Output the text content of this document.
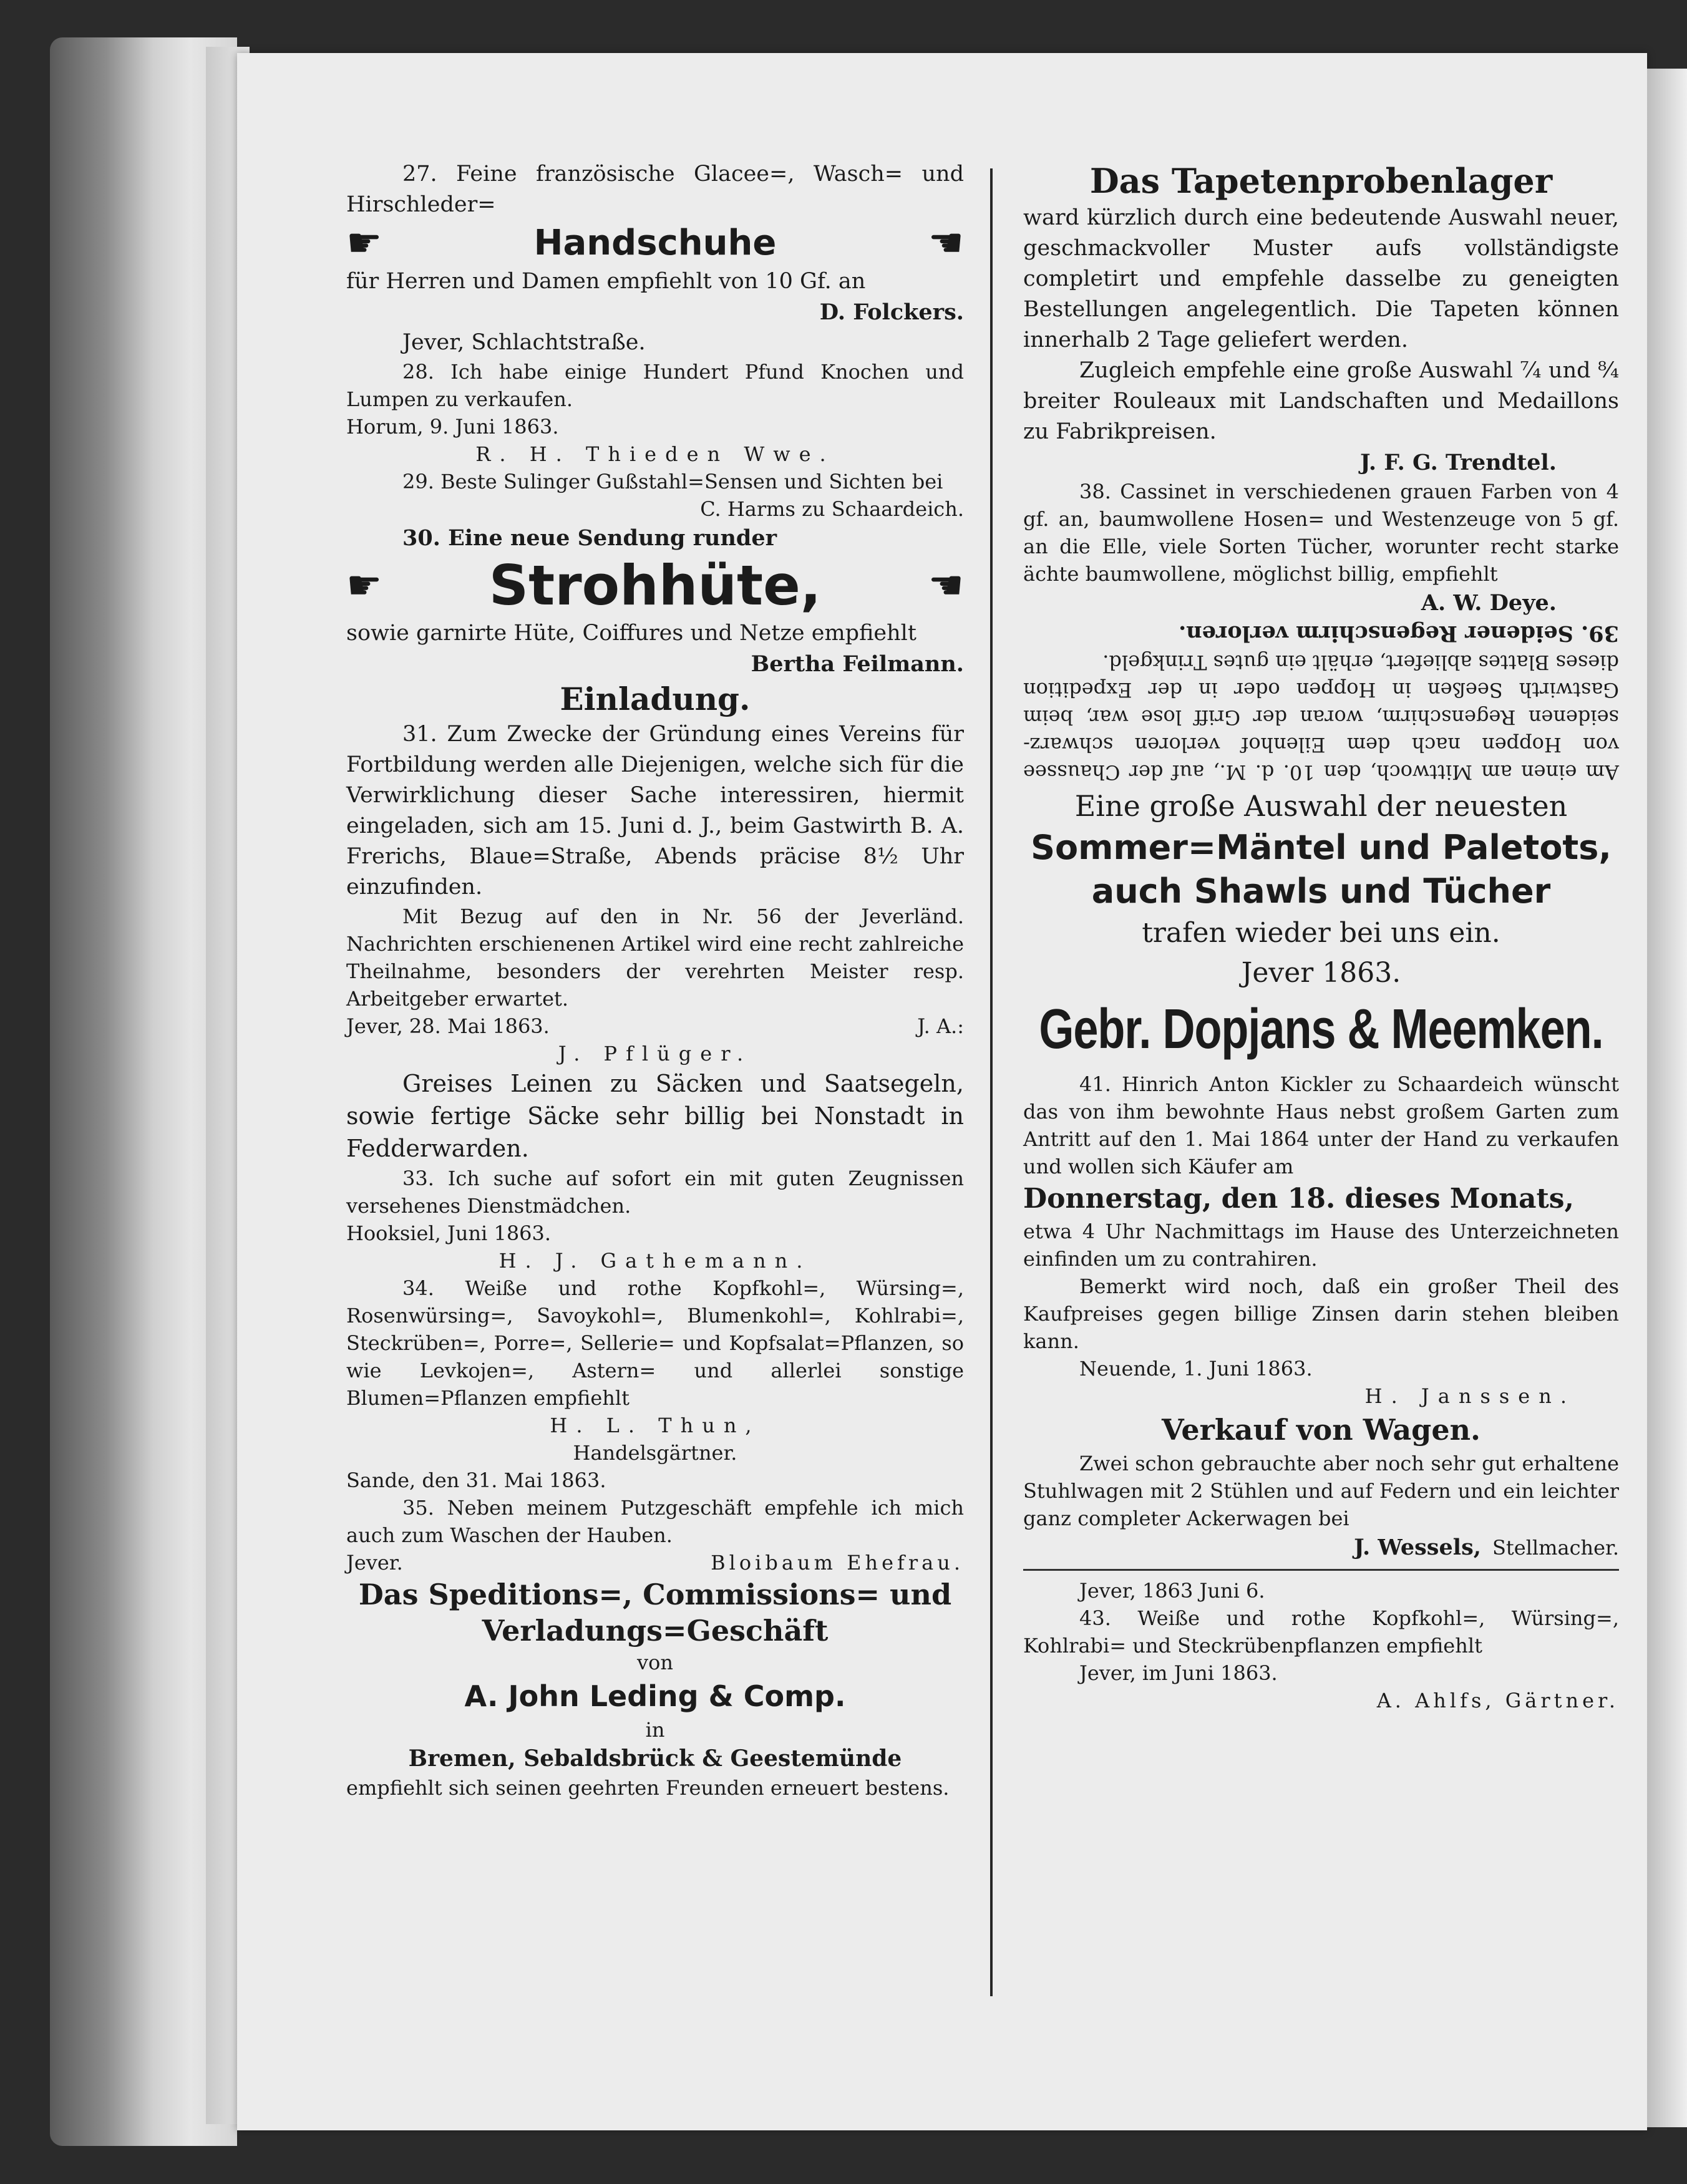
27. Feine französische Glacee=, Wasch= und Hirschleder=

☛	Handschuhe	☚

für Herren und Damen empfiehlt von 10 Gf. an

D. Folckers.

Jever, Schlachtstraße.

28. Ich habe einige Hundert Pfund Knochen und Lumpen zu verkaufen.

Horum, 9. Juni 1863.

R. H. Thieden Wwe.

29. Beste Sulinger Gußstahl=Sensen und Sichten bei

C. Harms zu Schaardeich.

30. Eine neue Sendung runder

☛ Strohhüte,	☚

sowie garnirte Hüte, Coiffures und Netze empfiehlt

Bertha Feilmann.

Einladung.

31. Zum Zwecke der Gründung eines Vereins für Fortbildung werden alle Diejenigen, welche sich für die Verwirklichung dieser Sache interessiren, hiermit eingeladen, sich am 15. Juni d. J., beim Gastwirth B. A. Frerichs, Blaue=Straße, Abends präcise 8½ Uhr einzufinden.

Mit Bezug auf den in Nr. 56 der Jeverländ. Nachrichten erschienenen Artikel wird eine recht zahlreiche Theilnahme, besonders der verehrten Meister resp. Arbeitgeber erwartet.

Jever, 28. Mai 1863.	J. A.:

J. Pflüger.

Greises Leinen zu Säcken und Saatsegeln, sowie fertige Säcke sehr billig bei Nonstadt in Fedderwarden.

33. Ich suche auf sofort ein mit guten Zeugnissen versehenes Dienstmädchen.

Hooksiel, Juni 1863.

H. J. Gathemann.

34. Weiße und rothe Kopfkohl=, Würsing=, Rosenwürsing=, Savoykohl=, Blumenkohl=, Kohlrabi=, Steckrüben=, Porre=, Sellerie= und Kopfsalat=Pflanzen, so wie Levkojen=, Astern= und allerlei sonstige Blumen=Pflanzen empfiehlt

H. L. Thun,

Handelsgärtner.

Sande, den 31. Mai 1863.

35. Neben meinem Putzgeschäft empfehle ich mich auch zum Waschen der Hauben.

Jever.	Bloibaum Ehefrau.

Das Speditions=, Commissions= und Verladungs=Geschäft

von

A. John Leding & Comp.

in

Bremen, Sebaldsbrück & Geestemünde

empfiehlt sich seinen geehrten Freunden erneuert bestens.

Das Tapetenprobenlager

ward kürzlich durch eine bedeutende Auswahl neuer, geschmackvoller Muster aufs vollständigste completirt und empfehle dasselbe zu geneigten Bestellungen angelegentlich. Die Tapeten können innerhalb 2 Tage geliefert werden.

Zugleich empfehle eine große Auswahl ⁷⁄₄ und ⁸⁄₄ breiter Rouleaux mit Landschaften und Medaillons zu Fabrikpreisen.

J. F. G. Trendtel.

38. Cassinet in verschiedenen grauen Farben von 4 gf. an, baumwollene Hosen= und Westenzeuge von 5 gf. an die Elle, viele Sorten Tücher, worunter recht starke ächte baumwollene, möglichst billig, empfiehlt

A. W. Deye.

Am einen am Mittwoch, den 10. d. M., auf der Chaussee von Hoppen nach dem Eilenhof verloren schwarz-seidenen Regenschirm, woran der Griff lose war, beim Gastwirth Seeßen in Hoppen oder in der Expedition dieses Blattes abliefert, erhält ein gutes Trinkgeld.

39. Seidener Regenschirm verloren.

Eine große Auswahl der neuesten

Sommer=Mäntel und Paletots, auch Shawls und Tücher

trafen wieder bei uns ein.

Jever 1863.

Gebr. Dopjans & Meemken.

41. Hinrich Anton Kickler zu Schaardeich wünscht das von ihm bewohnte Haus nebst großem Garten zum Antritt auf den 1. Mai 1864 unter der Hand zu verkaufen und wollen sich Käufer am

Donnerstag, den 18. dieses Monats,

etwa 4 Uhr Nachmittags im Hause des Unterzeichneten einfinden um zu contrahiren.

Bemerkt wird noch, daß ein großer Theil des Kaufpreises gegen billige Zinsen darin stehen bleiben kann.

Neuende, 1. Juni 1863.

H. Janssen.

Verkauf von Wagen.

Zwei schon gebrauchte aber noch sehr gut erhaltene Stuhlwagen mit 2 Stühlen und auf Federn und ein leichter ganz completer Ackerwagen bei

J. Wessels, Stellmacher.

Jever, 1863 Juni 6.

43. Weiße und rothe Kopfkohl=, Würsing=, Kohlrabi= und Steckrübenpflanzen empfiehlt

Jever, im Juni 1863.

A. Ahlfs, Gärtner.
